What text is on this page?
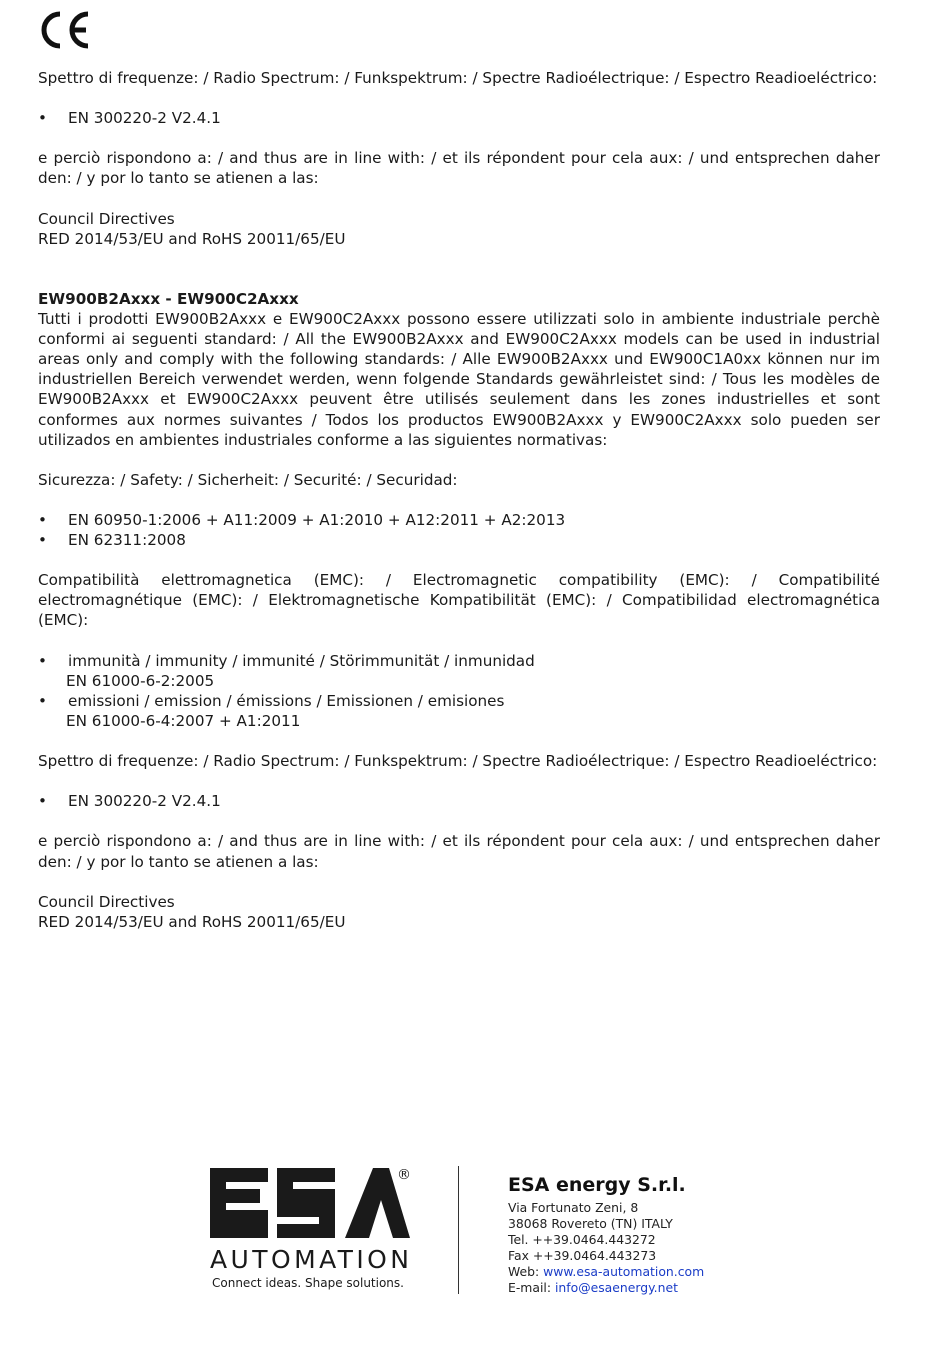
Spettro di frequenze: / Radio Spectrum: / Funkspektrum: / Spectre Radioélectrique: / Espectro Readioeléctrico:

• EN 300220-2 V2.4.1

e perciò rispondono a: / and thus are in line with: / et ils répondent pour cela aux: / und entsprechen daher den: / y por lo tanto se atienen a las:

Council Directives

RED 2014/53/EU and RoHS 20011/65/EU

EW900B2Axxx - EW900C2Axxx

Tutti i prodotti EW900B2Axxx e EW900C2Axxx possono essere utilizzati solo in ambiente industriale perchè conformi ai seguenti standard: / All the EW900B2Axxx and EW900C2Axxx models can be used in industrial areas only and comply with the following standards: / Alle EW900B2Axxx und EW900C1A0xx können nur im industriellen Bereich verwendet werden, wenn folgende Standards gewährleistet sind: / Tous les modèles de EW900B2Axxx et EW900C2Axxx peuvent être utilisés seulement dans les zones industrielles et sont conformes aux normes suivantes / Todos los productos EW900B2Axxx y EW900C2Axxx solo pueden ser utilizados en ambientes industriales conforme a las siguientes normativas:

Sicurezza: / Safety: / Sicherheit: / Securité: / Securidad:

• EN 60950-1:2006 + A11:2009 + A1:2010 + A12:2011 + A2:2013
• EN 62311:2008

Compatibilità elettromagnetica (EMC): / Electromagnetic compatibility (EMC): / Compatibilité electromagnétique (EMC): / Elektromagnetische Kompatibilität (EMC): / Compatibilidad electromagnética (EMC):

• immunità / immunity / immunité / Störimmunität / inmunidad
EN 61000-6-2:2005
• emissioni / emission / émissions / Emissionen / emisiones
EN 61000-6-4:2007 + A1:2011

Spettro di frequenze: / Radio Spectrum: / Funkspektrum: / Spectre Radioélectrique: / Espectro Readioeléctrico:

• EN 300220-2 V2.4.1

e perciò rispondono a: / and thus are in line with: / et ils répondent pour cela aux: / und entsprechen daher den: / y por lo tanto se atienen a las:

Council Directives

RED 2014/53/EU and RoHS 20011/65/EU

®
AUTOMATION
Connect ideas. Shape solutions.
ESA energy S.r.l.
Via Fortunato Zeni, 8
38068 Rovereto (TN) ITALY
Tel. ++39.0464.443272
Fax ++39.0464.443273
Web: www.esa-automation.com
E-mail: info@esaenergy.net
